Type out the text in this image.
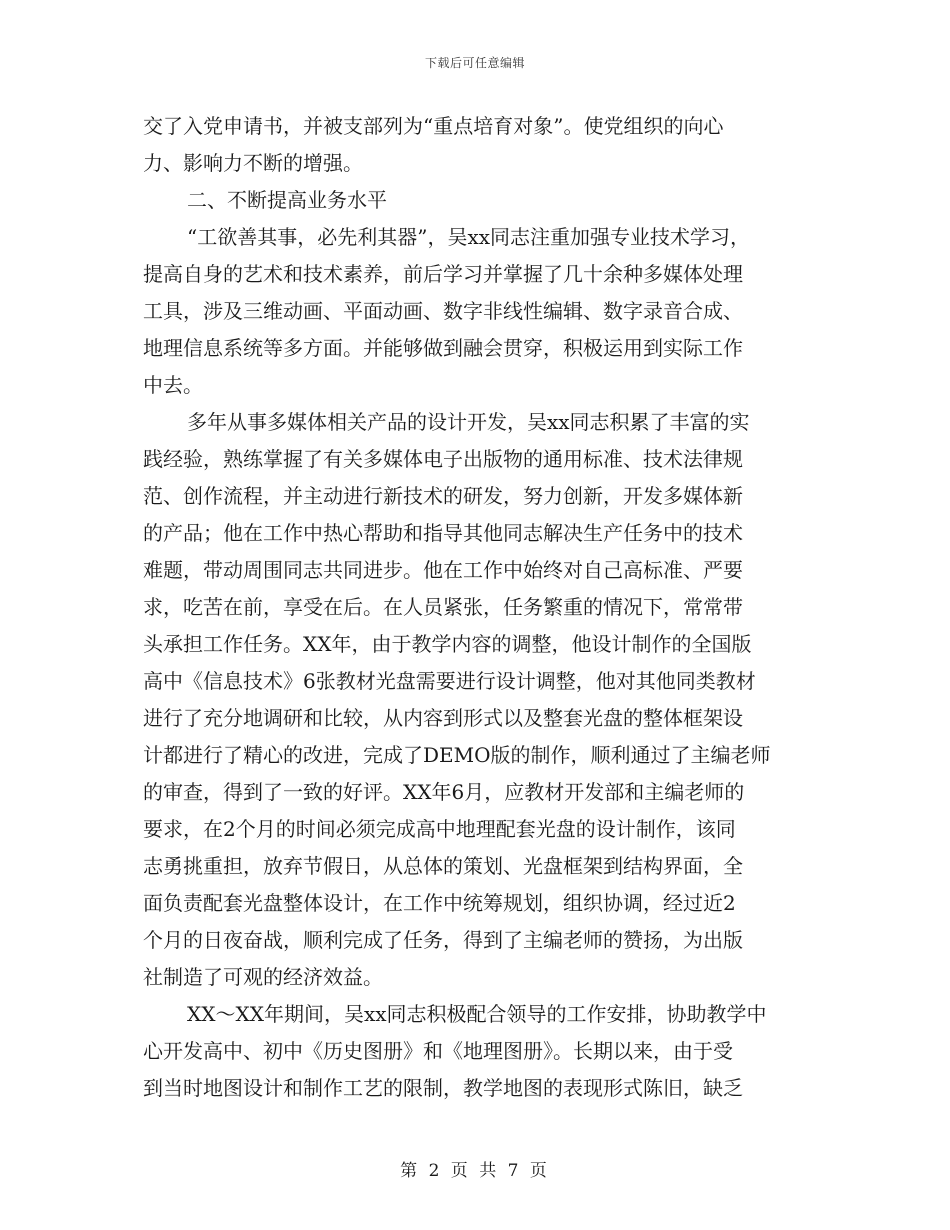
下载后可任意编辑
交了入党申请书，并被支部列为“重点培育对象”。使党组织的向心
力、影响力不断的增强。
二、不断提高业务水平
“工欲善其事，必先利其器”，吴xx同志注重加强专业技术学习，
提高自身的艺术和技术素养，前后学习并掌握了几十余种多媒体处理
工具，涉及三维动画、平面动画、数字非线性编辑、数字录音合成、
地理信息系统等多方面。并能够做到融会贯穿，积极运用到实际工作
中去。
多年从事多媒体相关产品的设计开发，吴xx同志积累了丰富的实
践经验，熟练掌握了有关多媒体电子出版物的通用标准、技术法律规
范、创作流程，并主动进行新技术的研发，努力创新，开发多媒体新
的产品；他在工作中热心帮助和指导其他同志解决生产任务中的技术
难题，带动周围同志共同进步。他在工作中始终对自己高标准、严要
求，吃苦在前，享受在后。在人员紧张，任务繁重的情况下，常常带
头承担工作任务。XX年，由于教学内容的调整，他设计制作的全国版
高中《信息技术》6张教材光盘需要进行设计调整，他对其他同类教材
进行了充分地调研和比较，从内容到形式以及整套光盘的整体框架设
计都进行了精心的改进，完成了DEMO版的制作，顺利通过了主编老师
的审查，得到了一致的好评。XX年6月，应教材开发部和主编老师的
要求，在2个月的时间必须完成高中地理配套光盘的设计制作，该同
志勇挑重担，放弃节假日，从总体的策划、光盘框架到结构界面，全
面负责配套光盘整体设计，在工作中统筹规划，组织协调，经过近2
个月的日夜奋战，顺利完成了任务，得到了主编老师的赞扬，为出版
社制造了可观的经济效益。
XX～XX年期间，吴xx同志积极配合领导的工作安排，协助教学中
心开发高中、初中《历史图册》和《地理图册》。长期以来，由于受
到当时地图设计和制作工艺的限制，教学地图的表现形式陈旧，缺乏
第 2 页 共 7 页
